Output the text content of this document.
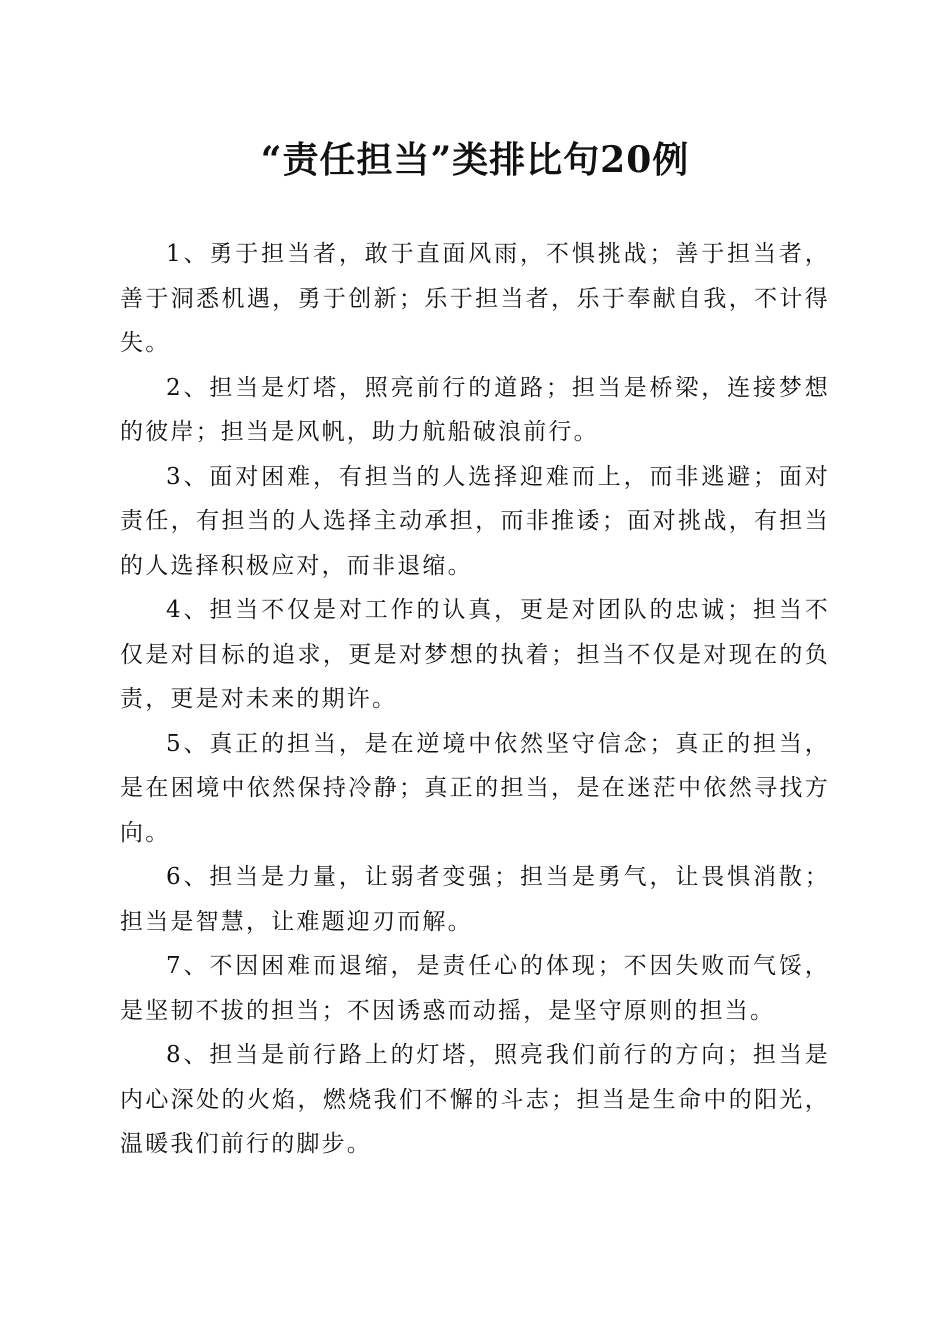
“责任担当”类排比句20例

1、勇于担当者，敢于直面风雨，不惧挑战；善于担当者，善于洞悉机遇，勇于创新；乐于担当者，乐于奉献自我，不计得失。

2、担当是灯塔，照亮前行的道路；担当是桥梁，连接梦想的彼岸；担当是风帆，助力航船破浪前行。

3、面对困难，有担当的人选择迎难而上，而非逃避；面对责任，有担当的人选择主动承担，而非推诿；面对挑战，有担当的人选择积极应对，而非退缩。

4、担当不仅是对工作的认真，更是对团队的忠诚；担当不仅是对目标的追求，更是对梦想的执着；担当不仅是对现在的负责，更是对未来的期许。

5、真正的担当，是在逆境中依然坚守信念；真正的担当，是在困境中依然保持冷静；真正的担当，是在迷茫中依然寻找方向。

6、担当是力量，让弱者变强；担当是勇气，让畏惧消散；担当是智慧，让难题迎刃而解。

7、不因困难而退缩，是责任心的体现；不因失败而气馁，是坚韧不拔的担当；不因诱惑而动摇，是坚守原则的担当。

8、担当是前行路上的灯塔，照亮我们前行的方向；担当是内心深处的火焰，燃烧我们不懈的斗志；担当是生命中的阳光，温暖我们前行的脚步。
